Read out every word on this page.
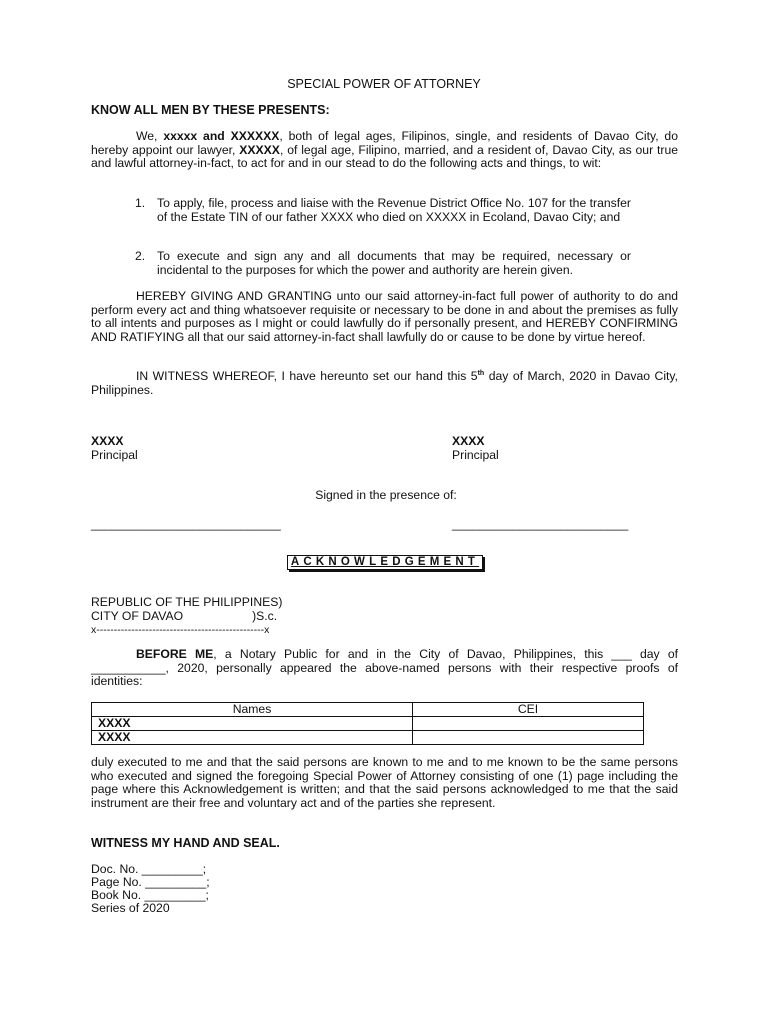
SPECIAL POWER OF ATTORNEY
KNOW ALL MEN BY THESE PRESENTS:
We, xxxxx and XXXXXX, both of legal ages, Filipinos, single, and residents of Davao City, do hereby appoint our lawyer, XXXXX, of legal age, Filipino, married, and a resident of, Davao City, as our true and lawful attorney-in-fact, to act for and in our stead to do the following acts and things, to wit:
1. To apply, file, process and liaise with the Revenue District Office No. 107 for the transfer of the Estate TIN of our father XXXX who died on XXXXX in Ecoland, Davao City; and
2. To execute and sign any and all documents that may be required, necessary or incidental to the purposes for which the power and authority are herein given.
HEREBY GIVING AND GRANTING unto our said attorney-in-fact full power of authority to do and perform every act and thing whatsoever requisite or necessary to be done in and about the premises as fully to all intents and purposes as I might or could lawfully do if personally present, and HEREBY CONFIRMING AND RATIFYING all that our said attorney-in-fact shall lawfully do or cause to be done by virtue hereof.
IN WITNESS WHEREOF, I have hereunto set our hand this 5th day of March, 2020 in Davao City, Philippines.
XXXX
Principal
XXXX
Principal
Signed in the presence of:
____________________________	__________________________
ACKNOWLEDGEMENT
REPUBLIC OF THE PHILIPPINES)
CITY OF DAVAO	)S.c.
x------------------------------------------------x
BEFORE ME, a Notary Public for and in the City of Davao, Philippines, this ___ day of ___________, 2020, personally appeared the above-named persons with their respective proofs of identities:
Names	CEI
XXXX	
XXXX	
duly executed to me and that the said persons are known to me and to me known to be the same persons who executed and signed the foregoing Special Power of Attorney consisting of one (1) page including the page where this Acknowledgement is written; and that the said persons acknowledged to me that the said instrument are their free and voluntary act and of the parties she represent.
WITNESS MY HAND AND SEAL.
Doc. No. _________;
Page No. _________;
Book No. _________;
Series of 2020
